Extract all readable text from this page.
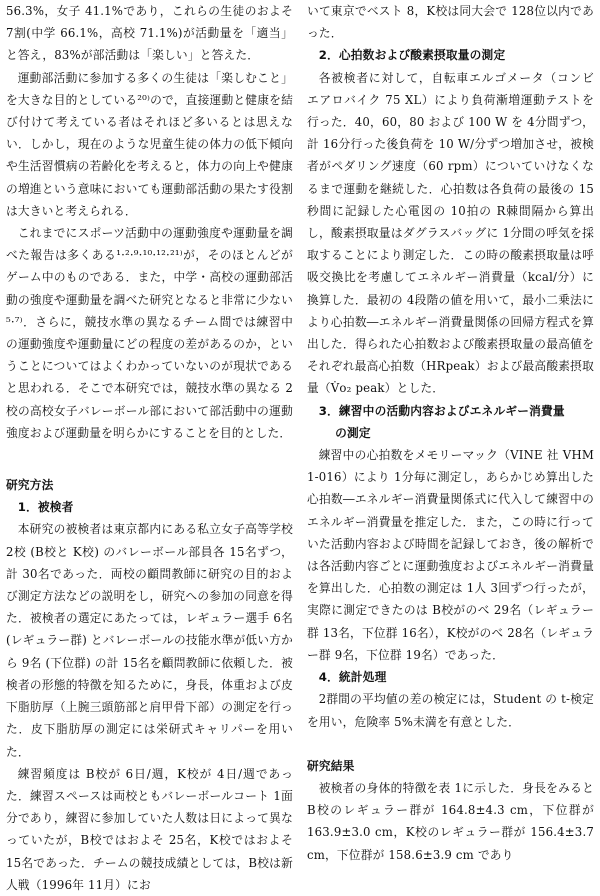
56.3%，女子 41.1%であり，これらの生徒のおよそ 7割(中学 66.1%，高校 71.1%)が活動量を「適当」と答え，83%が部活動は「楽しい」と答えた．

運動部活動に参加する多くの生徒は「楽しむこと」を大きな目的としている²⁰⁾ので，直接運動と健康を結び付けて考えている者はそれほど多いるとは思えない．しかし，現在のような児童生徒の体力の低下傾向や生活習慣病の若齢化を考えると，体力の向上や健康の増進という意味においても運動部活動の果たす役割は大きいと考えられる．

これまでにスポーツ活動中の運動強度や運動量を調べた報告は多くある¹·²·⁹·¹⁰·¹²·²¹⁾が，そのほとんどがゲーム中のものである．また，中学・高校の運動部活動の強度や運動量を調べた研究となると非常に少ない⁵·⁷⁾．さらに，競技水準の異なるチーム間では練習中の運動強度や運動量にどの程度の差があるのか，ということについてはよくわかっていないのが現状であると思われる．そこで本研究では，競技水準の異なる 2校の高校女子バレーボール部において部活動中の運動強度および運動量を明らかにすることを目的とした．

研究方法

1．被検者

本研究の被検者は東京都内にある私立女子高等学校 2校 (B校と K校) のバレーボール部員各 15名ずつ，計 30名であった．両校の顧問教師に研究の目的および測定方法などの説明をし，研究への参加の同意を得た．被検者の選定にあたっては，レギュラー選手 6名(レギュラー群) とバレーボールの技能水準が低い方から 9名 (下位群) の計 15名を顧問教師に依頼した．被検者の形態的特徴を知るために，身長，体重および皮下脂肪厚（上腕三頭筋部と肩甲骨下部）の測定を行った．皮下脂肪厚の測定には栄研式キャリパーを用いた．

練習頻度は B校が 6日/週，K校が 4日/週であった．練習スペースは両校ともバレーボールコート 1面分であり，練習に参加していた人数は日によって異なっていたが，B校ではおよそ 25名，K校ではおよそ 15名であった．チームの競技成績としては，B校は新人戦（1996年 11月）にお

いて東京でベスト 8，K校は同大会で 128位以内であった．

2．心拍数および酸素摂取量の測定

各被検者に対して，自転車エルゴメータ（コンビ エアロバイク 75 XL）により負荷漸増運動テストを行った．40，60，80 および 100 W を 4分間ずつ，計 16分行った後負荷を 10 W/分ずつ増加させ，被検者がペダリング速度（60 rpm）についていけなくなるまで運動を継続した．心拍数は各負荷の最後の 15秒間に記録した心電図の 10拍の R棘間隔から算出し，酸素摂取量はダグラスバッグに 1分間の呼気を採取することにより測定した．この時の酸素摂取量は呼吸交換比を考慮してエネルギー消費量（kcal/分）に換算した．最初の 4段階の値を用いて，最小二乗法により心拍数―エネルギー消費量関係の回帰方程式を算出した．得られた心拍数および酸素摂取量の最高値をそれぞれ最高心拍数（HRpeak）および最高酸素摂取量（V̇o₂ peak）とした．

3．練習中の活動内容およびエネルギー消費量

の測定

練習中の心拍数をメモリーマック（VINE 社 VHM 1-016）により 1分毎に測定し，あらかじめ算出した心拍数―エネルギー消費量関係式に代入して練習中のエネルギー消費量を推定した．また，この時に行っていた活動内容および時間を記録しておき，後の解析では各活動内容ごとに運動強度およびエネルギー消費量を算出した．心拍数の測定は 1人 3回ずつ行ったが，実際に測定できたのは B校がのべ 29名（レギュラー群 13名，下位群 16名），K校がのべ 28名（レギュラー群 9名，下位群 19名）であった．

4．統計処理

2群間の平均値の差の検定には，Student の t-検定を用い，危険率 5%未満を有意とした．

研究結果

被検者の身体的特徴を表 1に示した．身長をみると B校のレギュラー群が 164.8±4.3 cm，下位群が 163.9±3.0 cm，K校のレギュラー群が 156.4±3.7 cm，下位群が 158.6±3.9 cm であり
